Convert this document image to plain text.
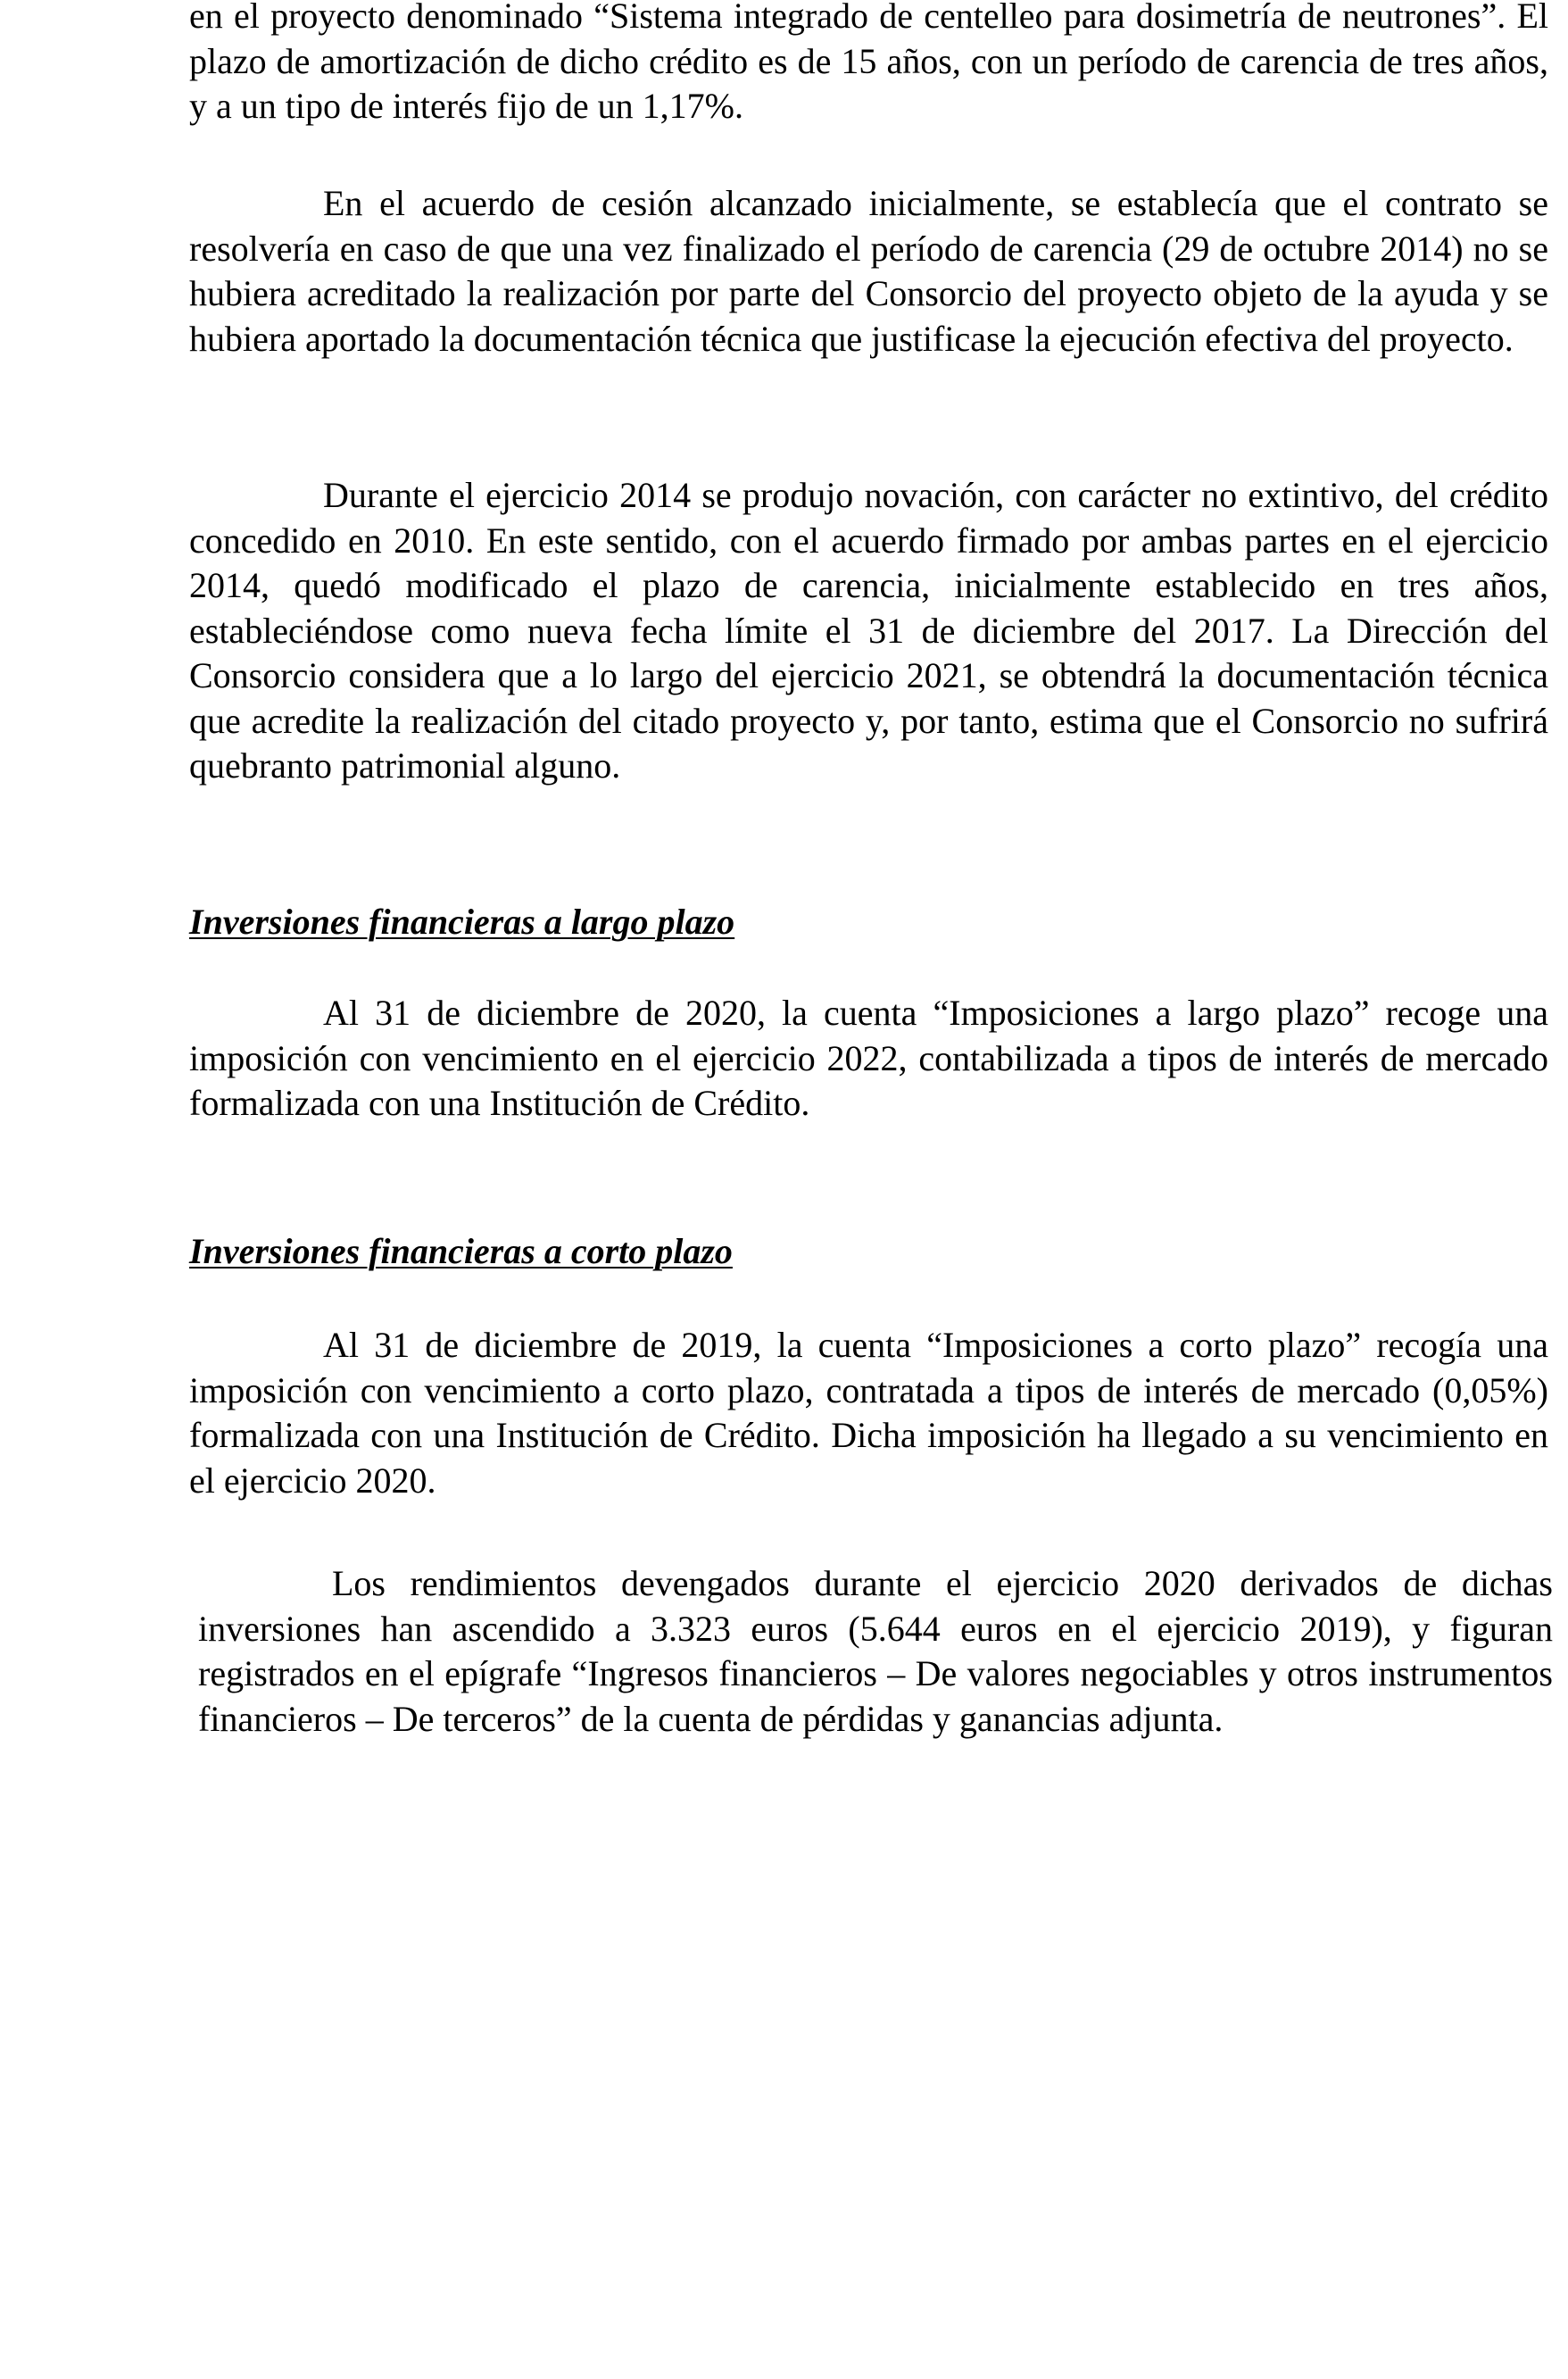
en el proyecto denominado “Sistema integrado de centelleo para dosimetría de neutrones”. El plazo de amortización de dicho crédito es de 15 años, con un período de carencia de tres años, y a un tipo de interés fijo de un 1,17%.

En el acuerdo de cesión alcanzado inicialmente, se establecía que el contrato se resolvería en caso de que una vez finalizado el período de carencia (29 de octubre 2014) no se hubiera acreditado la realización por parte del Consorcio del proyecto objeto de la ayuda y se hubiera aportado la documentación técnica que justificase la ejecución efectiva del proyecto.

Durante el ejercicio 2014 se produjo novación, con carácter no extintivo, del crédito concedido en 2010. En este sentido, con el acuerdo firmado por ambas partes en el ejercicio 2014, quedó modificado el plazo de carencia, inicialmente establecido en tres años, estableciéndose como nueva fecha límite el 31 de diciembre del 2017. La Dirección del Consorcio considera que a lo largo del ejercicio 2021, se obtendrá la documentación técnica que acredite la realización del citado proyecto y, por tanto, estima que el Consorcio no sufrirá quebranto patrimonial alguno.

Inversiones financieras a largo plazo

Al 31 de diciembre de 2020, la cuenta “Imposiciones a largo plazo” recoge una imposición con vencimiento en el ejercicio 2022, contabilizada a tipos de interés de mercado formalizada con una Institución de Crédito.

Inversiones financieras a corto plazo

Al 31 de diciembre de 2019, la cuenta “Imposiciones a corto plazo” recogía una imposición con vencimiento a corto plazo, contratada a tipos de interés de mercado (0,05%) formalizada con una Institución de Crédito. Dicha imposición ha llegado a su vencimiento en el ejercicio 2020.

Los rendimientos devengados durante el ejercicio 2020 derivados de dichas inversiones han ascendido a 3.323 euros (5.644 euros en el ejercicio 2019), y figuran registrados en el epígrafe “Ingresos financieros – De valores negociables y otros instrumentos financieros – De terceros” de la cuenta de pérdidas y ganancias adjunta.
